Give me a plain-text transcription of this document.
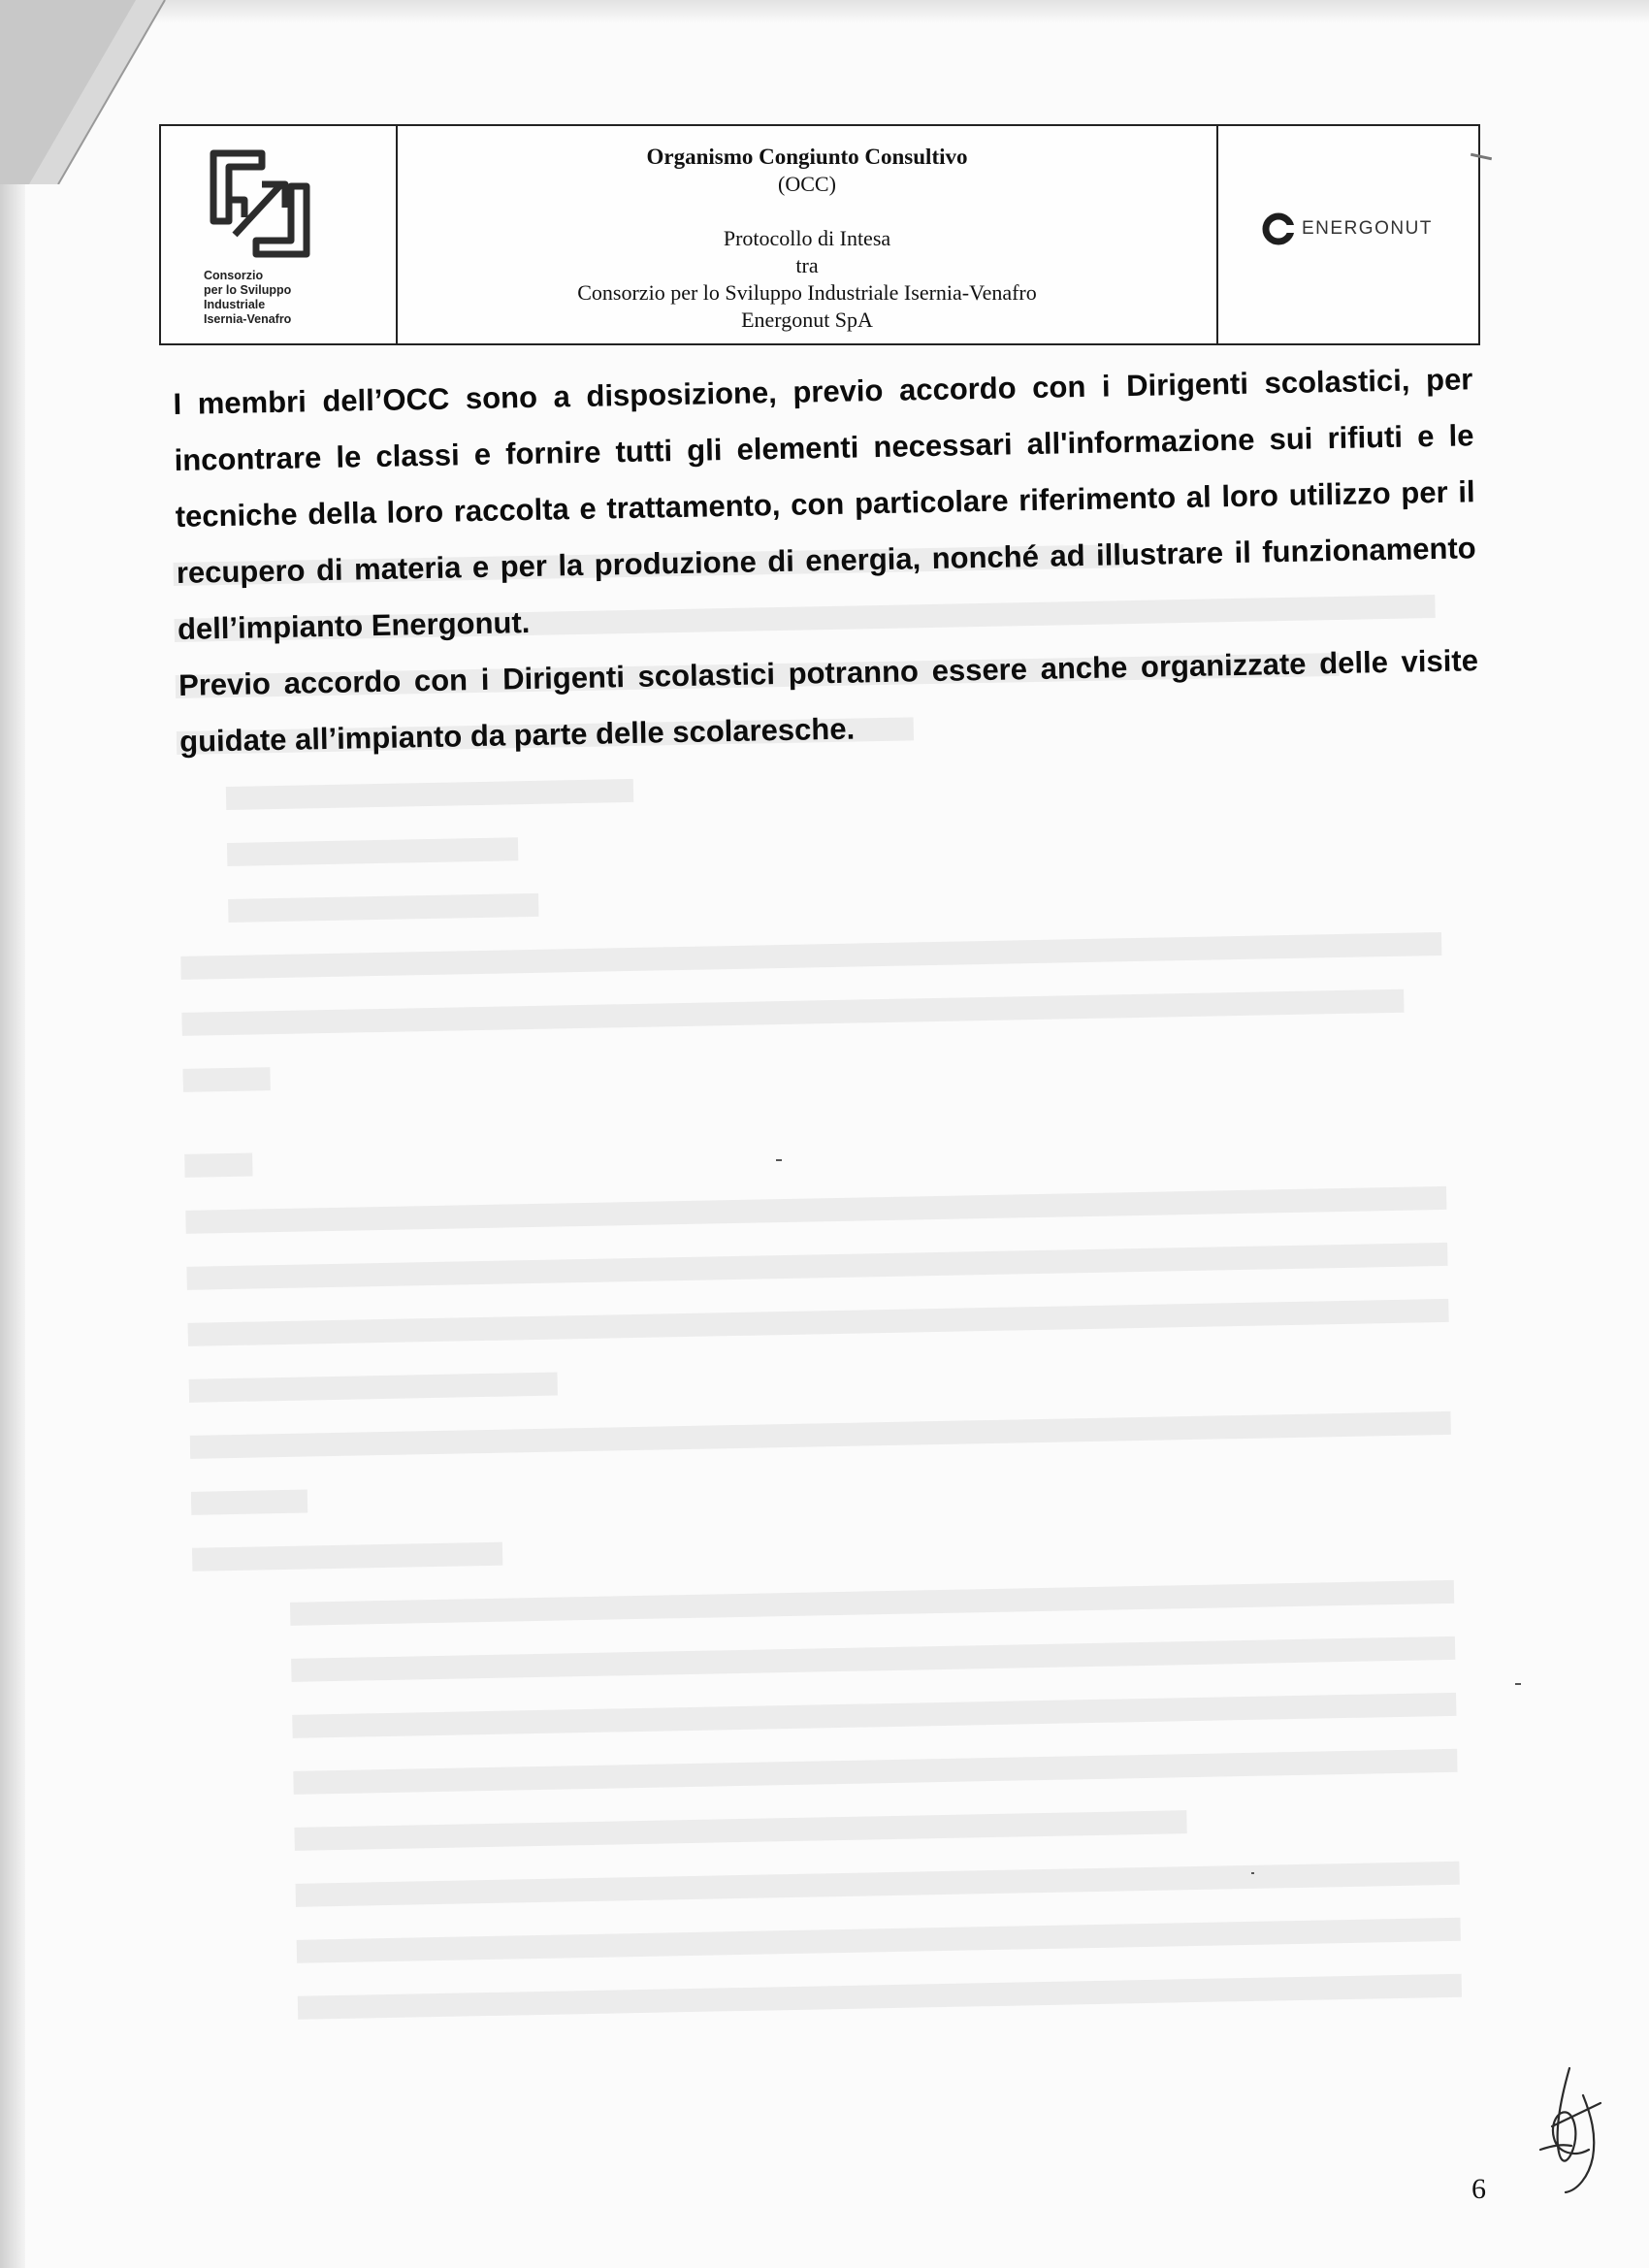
Consorzio
per lo Sviluppo
Industriale
Isernia-Venafro
Organismo Congiunto Consultivo
(OCC)
Protocollo di Intesa
tra
Consorzio per lo Sviluppo Industriale Isernia-Venafro
Energonut SpA
ENERGONUT

I membri dell’OCC sono a disposizione, previo accordo con i Dirigenti scolastici, per incontrare le classi e fornire tutti gli elementi necessari all'informazione sui rifiuti e le tecniche della loro raccolta e trattamento, con particolare riferimento al loro utilizzo per il recupero di materia e per la produzione di energia, nonché ad illustrare il funzionamento dell’impianto Energonut.

Previo accordo con i Dirigenti scolastici potranno essere anche organizzate delle visite guidate all’impianto da parte delle scolaresche.

6
